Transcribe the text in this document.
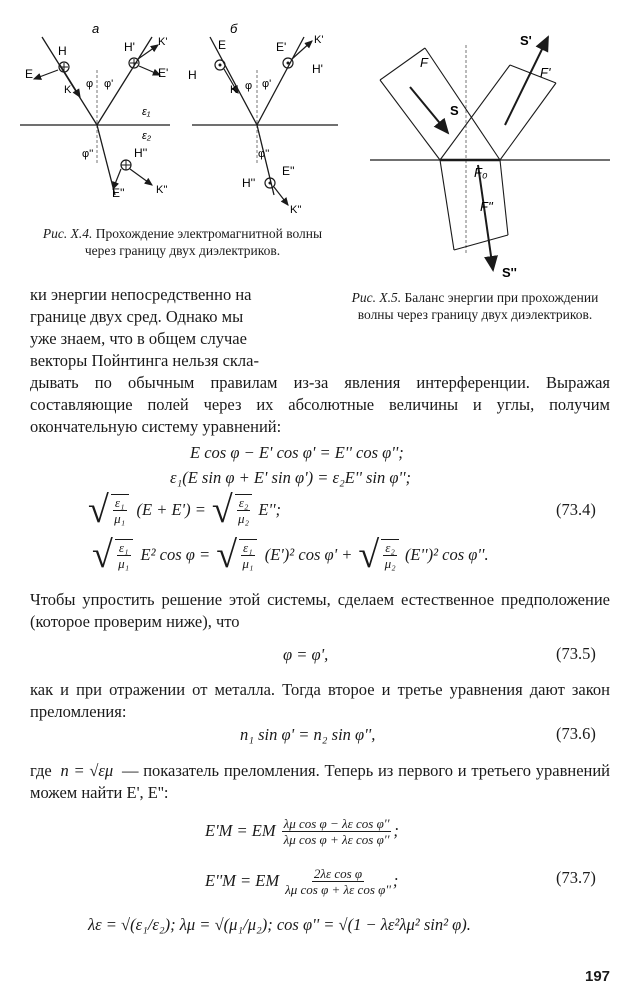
a
E
H
K φ
H' K'
E'
φ'
ε₁
ε₂
φ''	H''
E''	K''
б
H
E
K φ
E'	K'
H'
φ'
φ''
H''
E''
K''
Рис. X.4. Прохождение электромагнитной волны через границу двух диэлектриков.
F
S
S'
F'
F₀
F''
S''
Рис. X.5. Баланс энергии при прохождении волны через границу двух диэлектриков.
ки энергии непосредственно на
границе двух сред. Однако мы
уже знаем, что в общем случае
векторы Пойнтинга нельзя скла-
дывать по обычным правилам из-за явления интерференции. Выражая составляющие полей через их абсолютные величины и углы, получим окончательную систему уравнений:
E cos φ − E' cos φ' = E'' cos φ'';
ε₁(E sin φ + E' sin φ') = ε₂E'' sin φ'';
√ $\frac{\text{ε₁}}{\text{μ₁}} (E + E')$ = √ $\frac{\text{ε₂}}{\text{μ₂}} E''$;	(73.4)
√ $\frac{\text{ε₁}}{\text{μ₁}} E^2$ cos φ = √ $\frac{\text{ε₁}}{\text{μ₁}} (E')^2$ cos φ' + √ $\frac{\text{ε₂}}{\text{μ₂}} (E'')^2$ cos φ''.
Чтобы упростить решение этой системы, сделаем естественное предположение (которое проверим ниже), что
φ = φ',	(73.5)
как и при отражении от металла. Тогда второе и третье уравнения дают закон преломления:
n₁ sin φ' = n₂ sin φ'',	(73.6)
где n = √εμ — показатель преломления. Теперь из первого и третьего уравнений можем найти E', E'':
E'M = EM $\frac{\text{λμ cos φ − λε cos φ''}}{\text{λμ cos φ + λε cos φ''}}$ ;
E''M = EM $\frac{\text{2λε cos φ}}{\text{λμ cos φ + λε cos φ''}}$ ;	(73.7)
λε = √(ε₁/ε₂); λμ = √(μ₁/μ₂); cos φ'' = √(1 − λε²λμ² sin² φ).
197
